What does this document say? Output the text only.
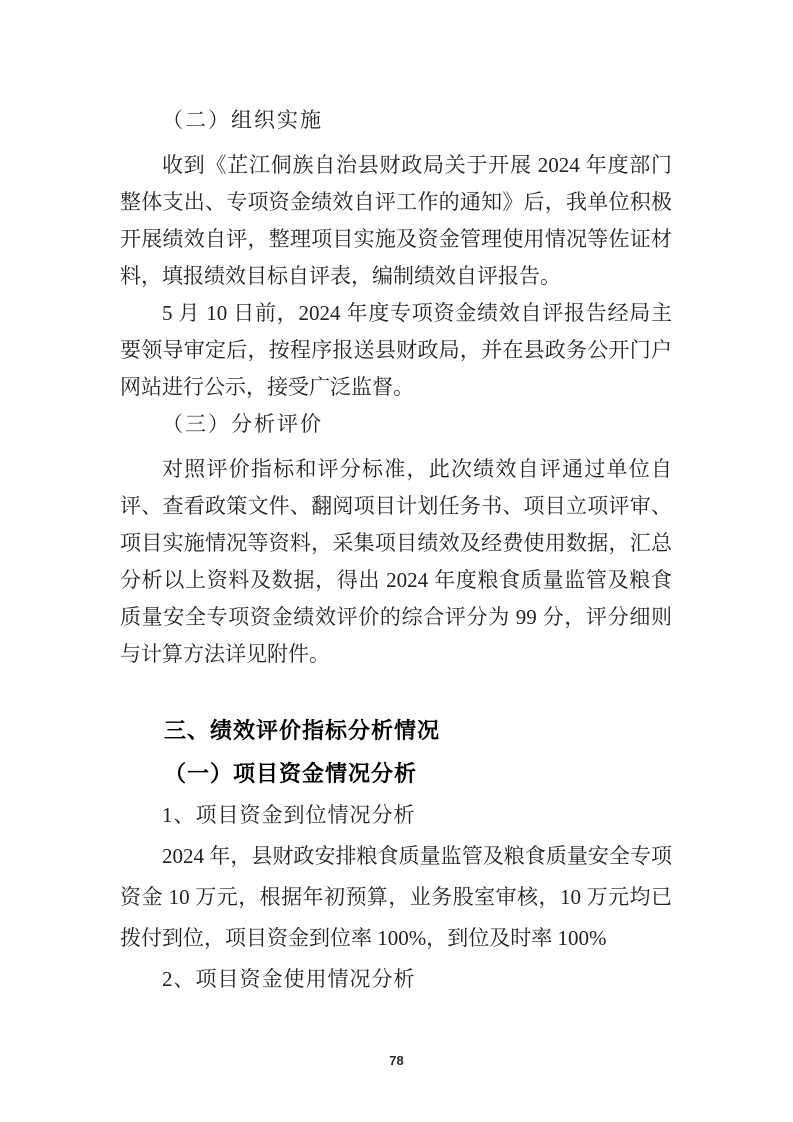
（二）组织实施

收到《芷江侗族自治县财政局关于开展 2024 年度部门整体支出、专项资金绩效自评工作的通知》后，我单位积极开展绩效自评，整理项目实施及资金管理使用情况等佐证材料，填报绩效目标自评表，编制绩效自评报告。

5 月 10 日前，2024 年度专项资金绩效自评报告经局主要领导审定后，按程序报送县财政局，并在县政务公开门户网站进行公示，接受广泛监督。

（三）分析评价

对照评价指标和评分标准，此次绩效自评通过单位自评、查看政策文件、翻阅项目计划任务书、项目立项评审、项目实施情况等资料，采集项目绩效及经费使用数据，汇总分析以上资料及数据，得出 2024 年度粮食质量监管及粮食质量安全专项资金绩效评价的综合评分为 99 分，评分细则与计算方法详见附件。

三、绩效评价指标分析情况

（一）项目资金情况分析

1、项目资金到位情况分析

2024 年，县财政安排粮食质量监管及粮食质量安全专项资金 10 万元，根据年初预算，业务股室审核，10 万元均已拨付到位，项目资金到位率 100%，到位及时率 100%

2、项目资金使用情况分析

78
